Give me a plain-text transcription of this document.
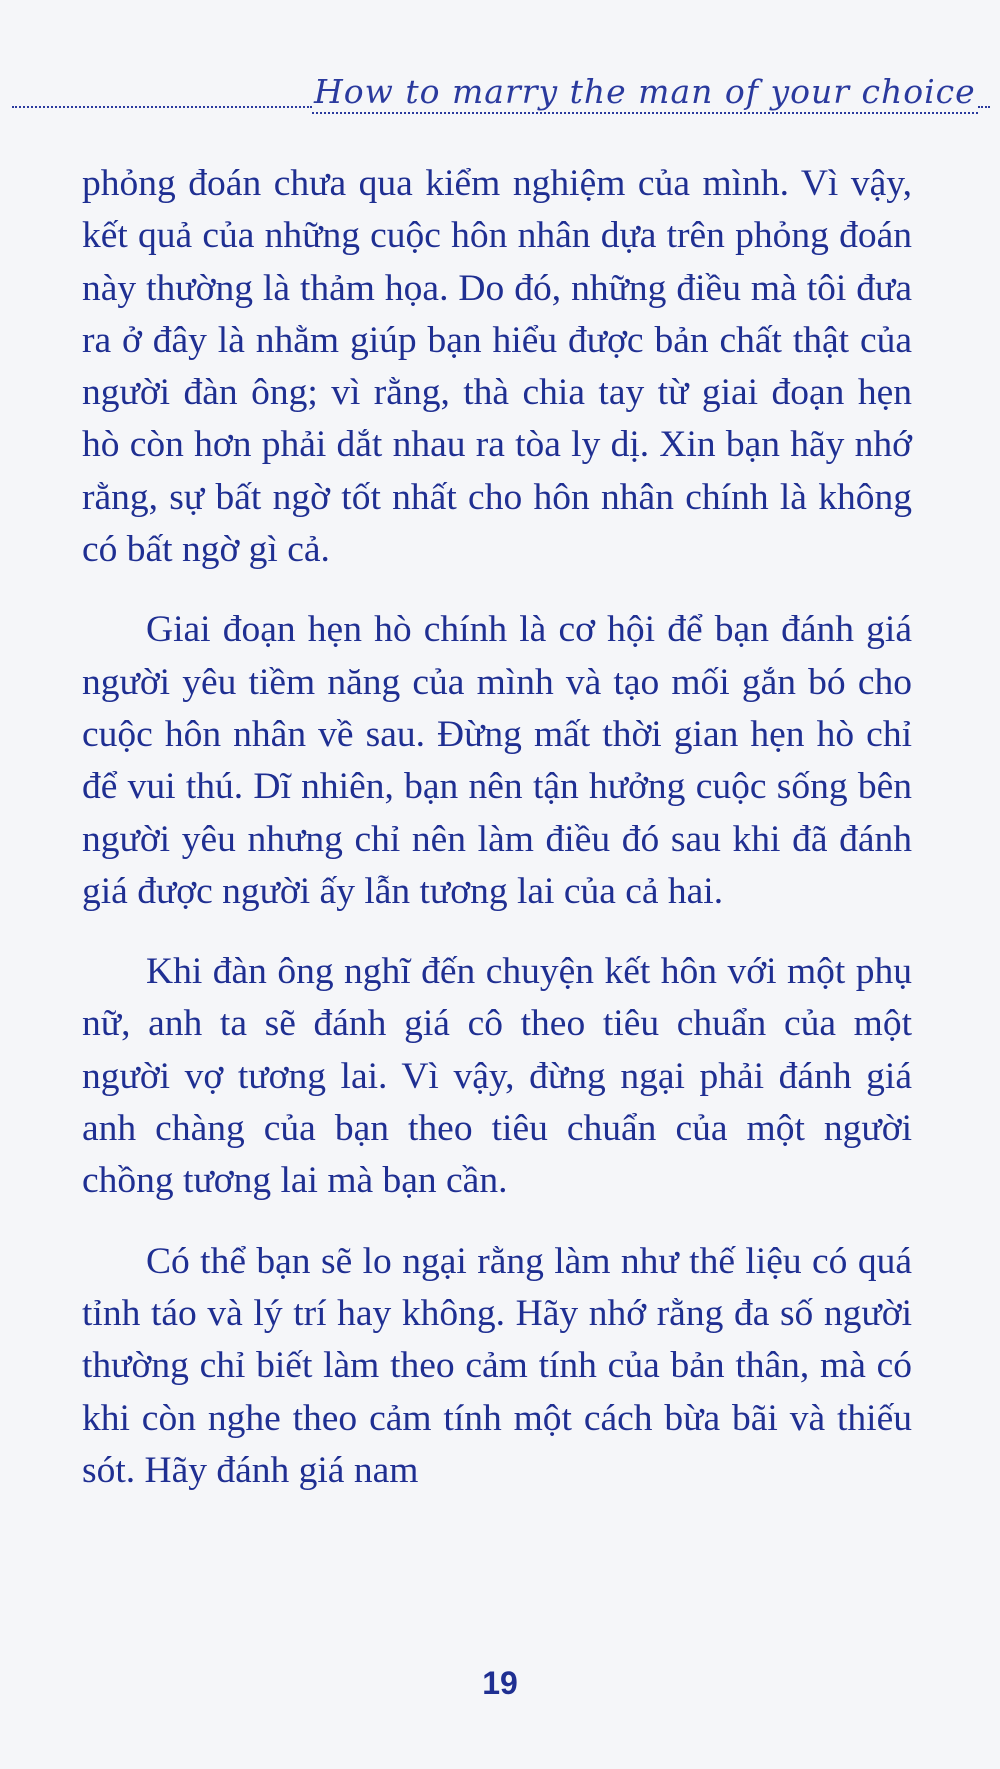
How to marry the man of your choice

phỏng đoán chưa qua kiểm nghiệm của mình. Vì vậy, kết quả của những cuộc hôn nhân dựa trên phỏng đoán này thường là thảm họa. Do đó, những điều mà tôi đưa ra ở đây là nhằm giúp bạn hiểu được bản chất thật của người đàn ông; vì rằng, thà chia tay từ giai đoạn hẹn hò còn hơn phải dắt nhau ra tòa ly dị. Xin bạn hãy nhớ rằng, sự bất ngờ tốt nhất cho hôn nhân chính là không có bất ngờ gì cả.

Giai đoạn hẹn hò chính là cơ hội để bạn đánh giá người yêu tiềm năng của mình và tạo mối gắn bó cho cuộc hôn nhân về sau. Đừng mất thời gian hẹn hò chỉ để vui thú. Dĩ nhiên, bạn nên tận hưởng cuộc sống bên người yêu nhưng chỉ nên làm điều đó sau khi đã đánh giá được người ấy lẫn tương lai của cả hai.

Khi đàn ông nghĩ đến chuyện kết hôn với một phụ nữ, anh ta sẽ đánh giá cô theo tiêu chuẩn của một người vợ tương lai. Vì vậy, đừng ngại phải đánh giá anh chàng của bạn theo tiêu chuẩn của một người chồng tương lai mà bạn cần.

Có thể bạn sẽ lo ngại rằng làm như thế liệu có quá tỉnh táo và lý trí hay không. Hãy nhớ rằng đa số người thường chỉ biết làm theo cảm tính của bản thân, mà có khi còn nghe theo cảm tính một cách bừa bãi và thiếu sót. Hãy đánh giá nam

19
